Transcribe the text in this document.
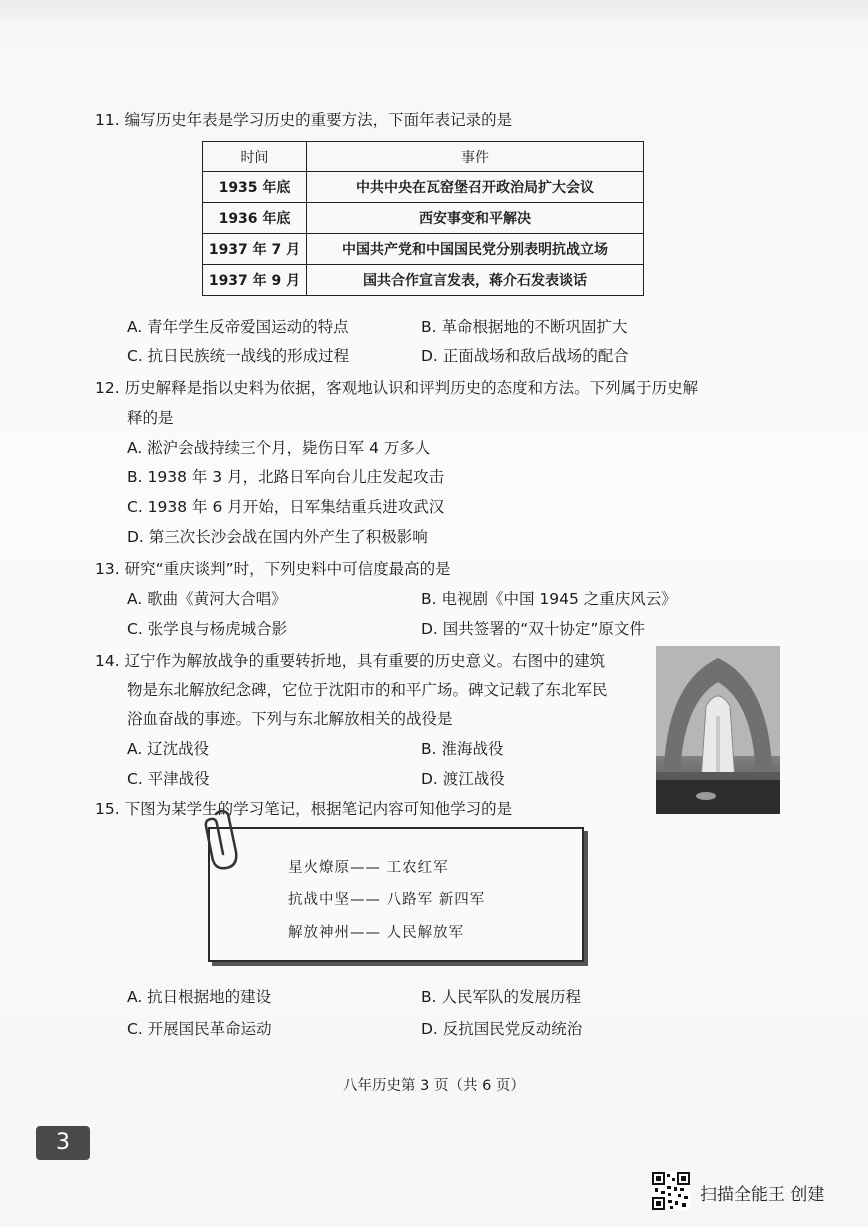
11. 编写历史年表是学习历史的重要方法，下面年表记录的是
时间	事件
1935 年底	中共中央在瓦窑堡召开政治局扩大会议
1936 年底	西安事变和平解决
1937 年 7 月	中国共产党和中国国民党分别表明抗战立场
1937 年 9 月	国共合作宣言发表，蒋介石发表谈话
A. 青年学生反帝爱国运动的特点	B. 革命根据地的不断巩固扩大
C. 抗日民族统一战线的形成过程	D. 正面战场和敌后战场的配合
12. 历史解释是指以史料为依据，客观地认识和评判历史的态度和方法。下列属于历史解
释的是
A. 淞沪会战持续三个月，毙伤日军 4 万多人
B. 1938 年 3 月，北路日军向台儿庄发起攻击
C. 1938 年 6 月开始，日军集结重兵进攻武汉
D. 第三次长沙会战在国内外产生了积极影响
13. 研究“重庆谈判”时，下列史料中可信度最高的是
A. 歌曲《黄河大合唱》	B. 电视剧《中国 1945 之重庆风云》
C. 张学良与杨虎城合影	D. 国共签署的“双十协定”原文件
14. 辽宁作为解放战争的重要转折地，具有重要的历史意义。右图中的建筑
物是东北解放纪念碑，它位于沈阳市的和平广场。碑文记载了东北军民
浴血奋战的事迹。下列与东北解放相关的战役是
A. 辽沈战役	B. 淮海战役
C. 平津战役	D. 渡江战役
15. 下图为某学生的学习笔记，根据笔记内容可知他学习的是
星火燎原—— 工农红军
抗战中坚—— 八路军 新四军
解放神州—— 人民解放军
A. 抗日根据地的建设	B. 人民军队的发展历程
C. 开展国民革命运动	D. 反抗国民党反动统治
八年历史第 3 页（共 6 页）
3
扫描全能王 创建
